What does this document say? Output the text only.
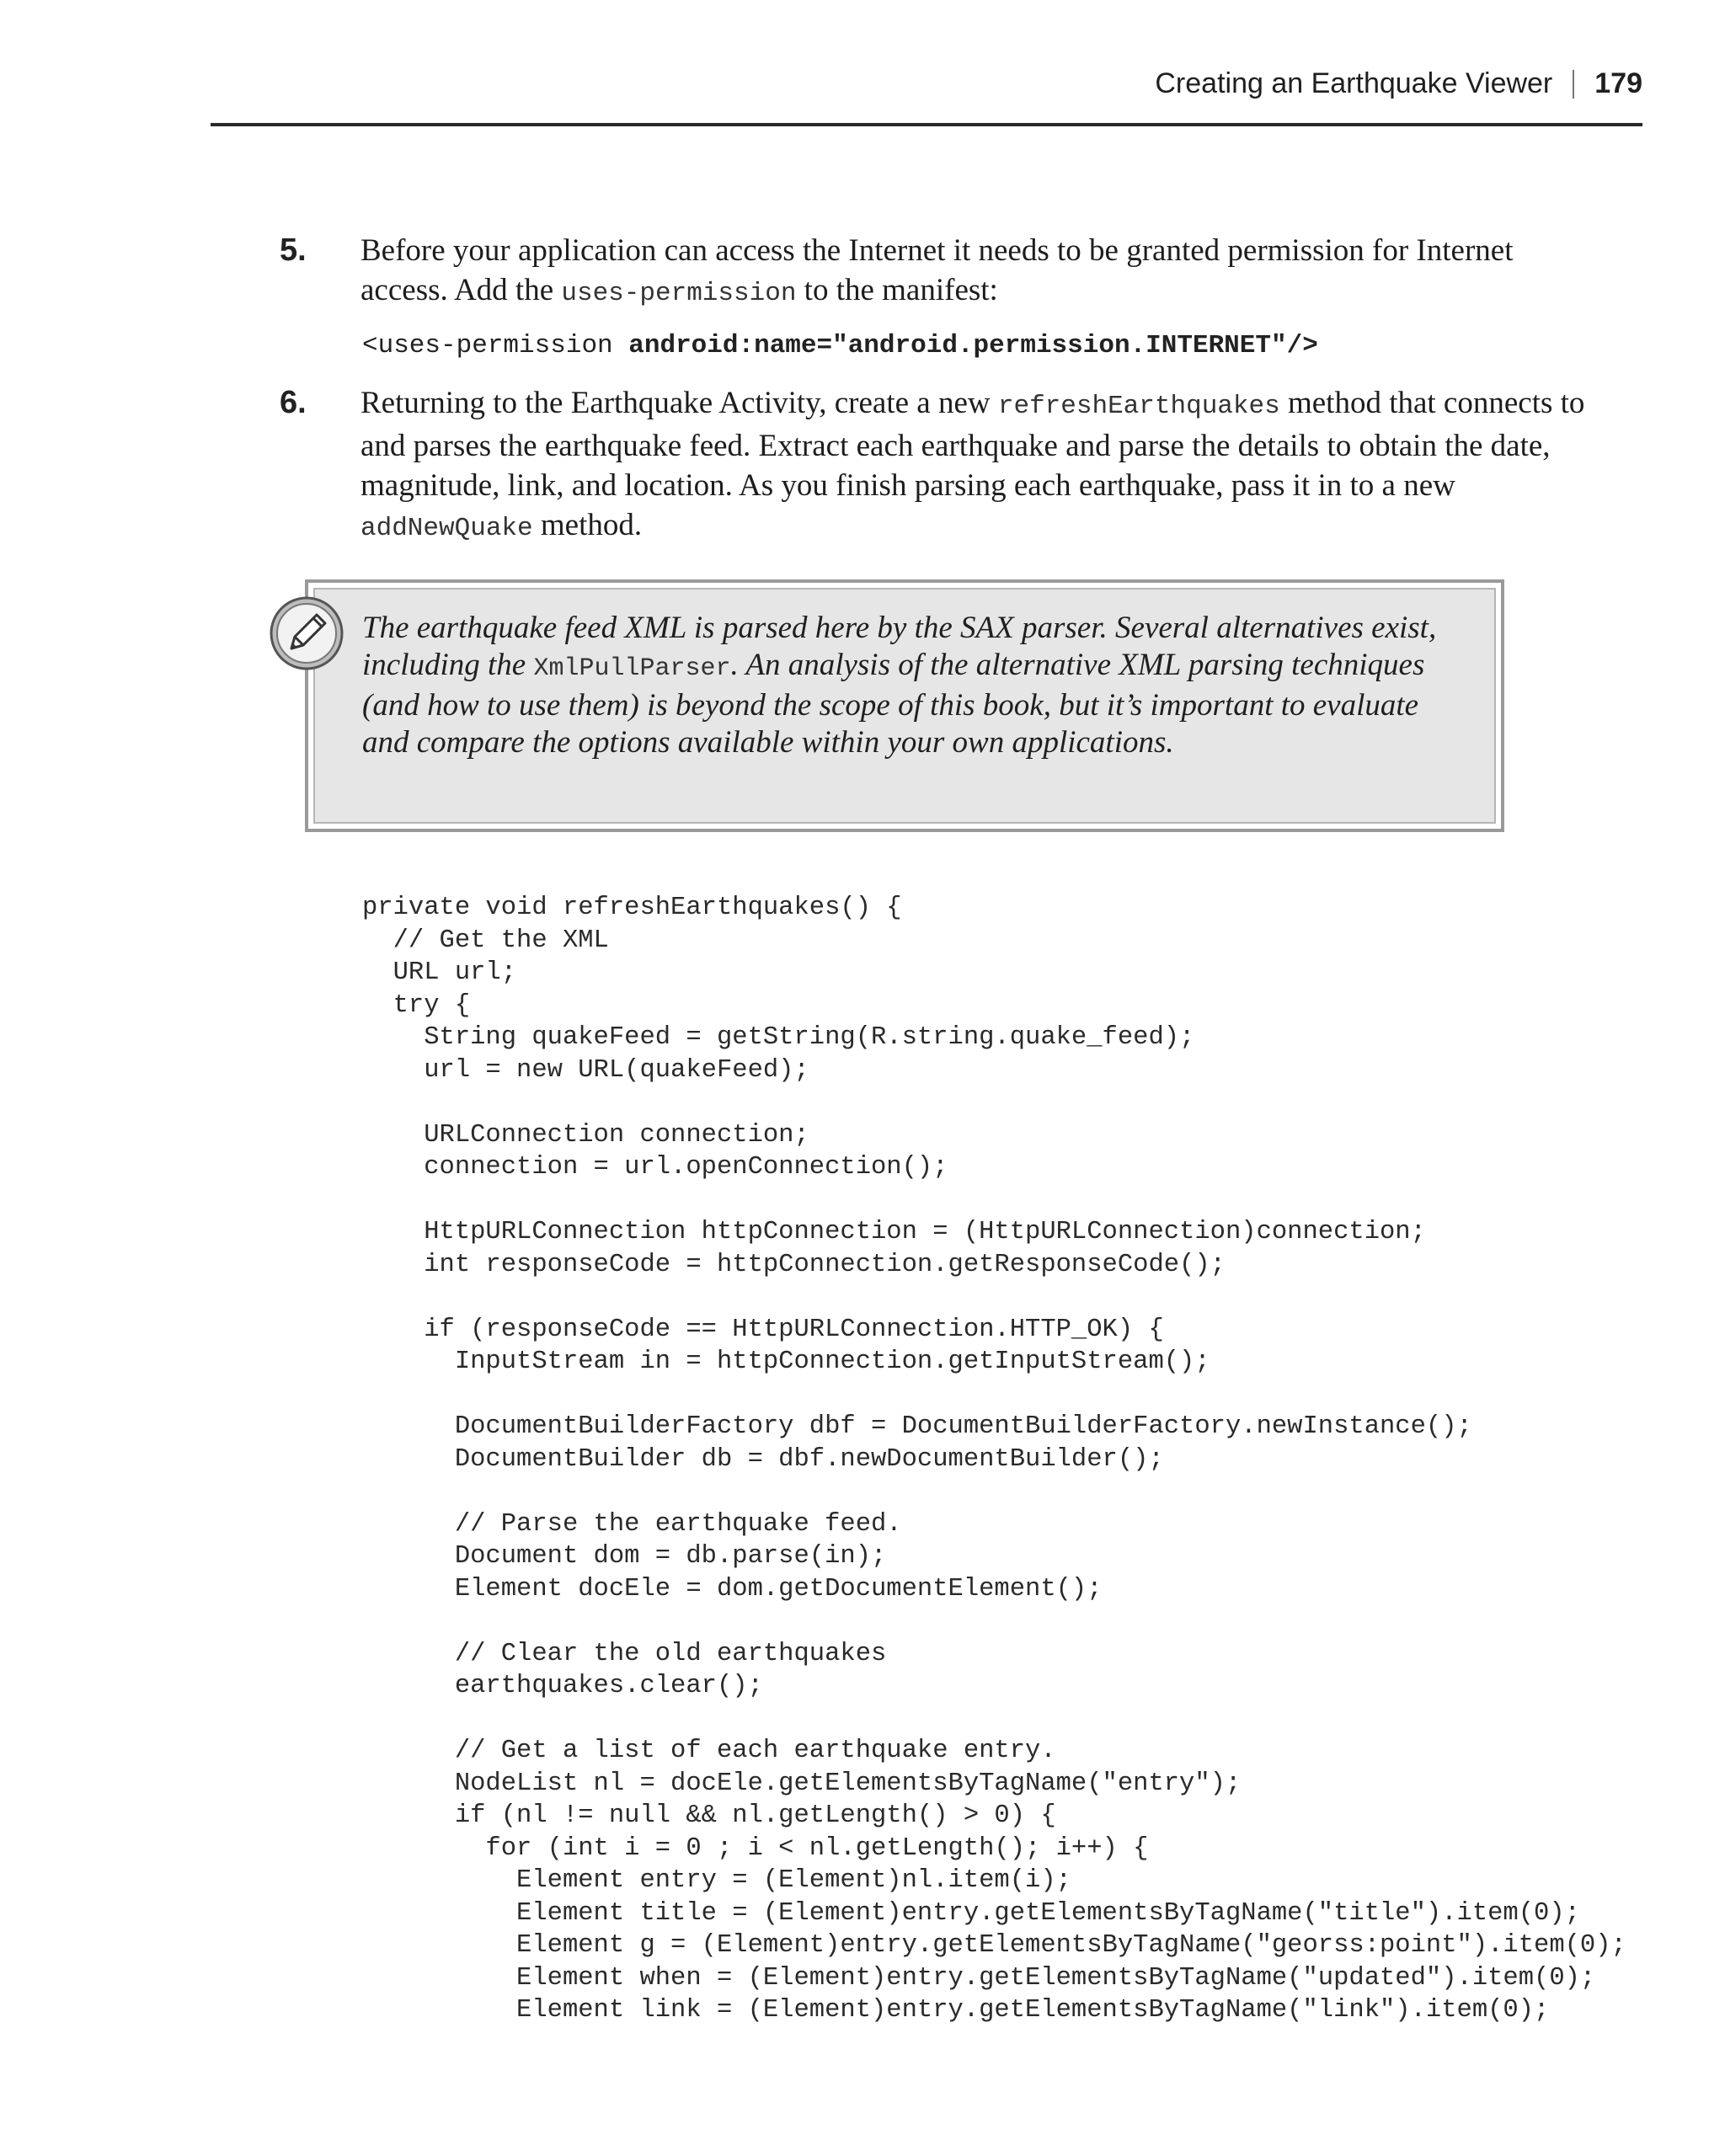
Creating an Earthquake Viewer 179
5. Before your application can access the Internet it needs to be granted permission for Internet access. Add the uses-permission to the manifest:
<uses-permission android:name="android.permission.INTERNET"/>
6. Returning to the Earthquake Activity, create a new refreshEarthquakes method that connects to and parses the earthquake feed. Extract each earthquake and parse the details to obtain the date, magnitude, link, and location. As you finish parsing each earthquake, pass it in to a new addNewQuake method.
The earthquake feed XML is parsed here by the SAX parser. Several alternatives exist, including the XmlPullParser. An analysis of the alternative XML parsing techniques (and how to use them) is beyond the scope of this book, but it’s important to evaluate and compare the options available within your own applications.
private void refreshEarthquakes() {
// Get the XML
URL url;
try {
String quakeFeed = getString(R.string.quake_feed);
url = new URL(quakeFeed);

URLConnection connection;
connection = url.openConnection();

HttpURLConnection httpConnection = (HttpURLConnection)connection;
int responseCode = httpConnection.getResponseCode();

if (responseCode == HttpURLConnection.HTTP_OK) {
InputStream in = httpConnection.getInputStream();

DocumentBuilderFactory dbf = DocumentBuilderFactory.newInstance();
DocumentBuilder db = dbf.newDocumentBuilder();

// Parse the earthquake feed.
Document dom = db.parse(in);
Element docEle = dom.getDocumentElement();

// Clear the old earthquakes
earthquakes.clear();

// Get a list of each earthquake entry.
NodeList nl = docEle.getElementsByTagName("entry");
if (nl != null && nl.getLength() > 0) {
for (int i = 0 ; i < nl.getLength(); i++) {
Element entry = (Element)nl.item(i);
Element title = (Element)entry.getElementsByTagName("title").item(0);
Element g = (Element)entry.getElementsByTagName("georss:point").item(0);
Element when = (Element)entry.getElementsByTagName("updated").item(0);
Element link = (Element)entry.getElementsByTagName("link").item(0);
